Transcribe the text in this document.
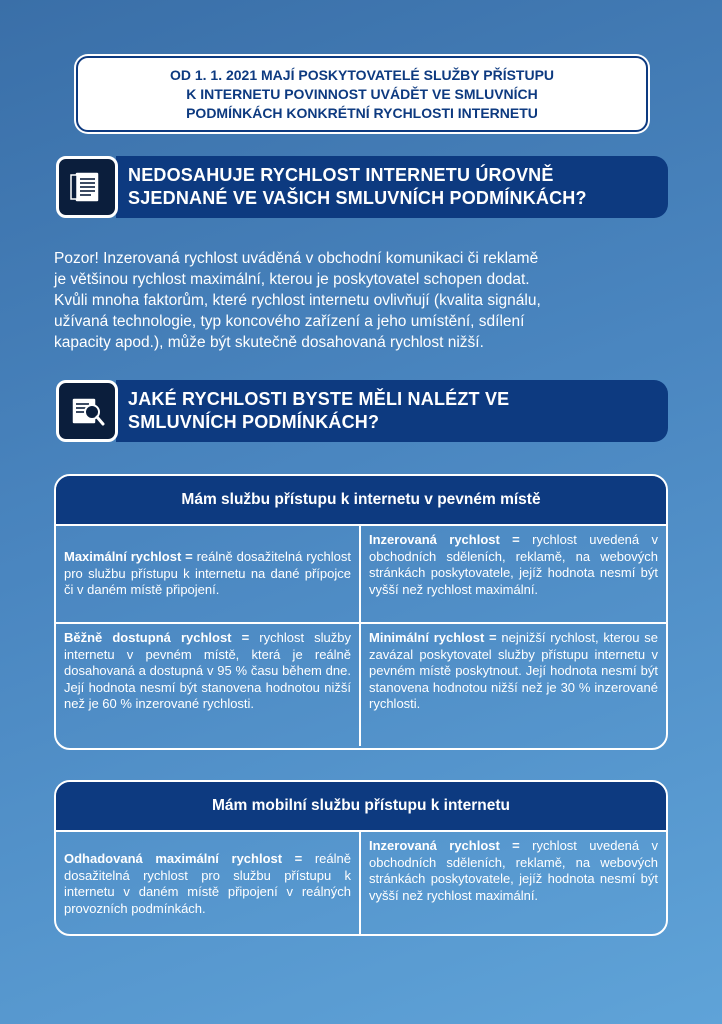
OD 1. 1. 2021 MAJÍ POSKYTOVATELÉ SLUŽBY PŘÍSTUPU
K INTERNETU POVINNOST UVÁDĚT VE SMLUVNÍCH
PODMÍNKÁCH KONKRÉTNÍ RYCHLOSTI INTERNETU
NEDOSAHUJE RYCHLOST INTERNETU ÚROVNĚ
SJEDNANÉ VE VAŠICH SMLUVNÍCH PODMÍNKÁCH?
Pozor! Inzerovaná rychlost uváděná v obchodní komunikaci či reklamě
je většinou rychlost maximální, kterou je poskytovatel schopen dodat.
Kvůli mnoha faktorům, které rychlost internetu ovlivňují (kvalita signálu,
užívaná technologie, typ koncového zařízení a jeho umístění, sdílení
kapacity apod.), může být skutečně dosahovaná rychlost nižší.
JAKÉ RYCHLOSTI BYSTE MĚLI NALÉZT VE
SMLUVNÍCH PODMÍNKÁCH?
Mám službu přístupu k internetu v pevném místě
Maximální rychlost = reálně dosažitelná rychlost pro službu přístupu k internetu na dané přípojce či v daném místě připojení.
Inzerovaná rychlost = rychlost uvedená v obchodních sděleních, reklamě, na webových stránkách poskytovatele, jejíž hodnota nesmí být vyšší než rychlost maximální.
Běžně dostupná rychlost = rychlost služby internetu v pevném místě, která je reálně dosahovaná a dostupná v 95 % času během dne. Její hodnota nesmí být stanovena hodnotou nižší než je 60 % inzerované rychlosti.
Minimální rychlost = nejnižší rychlost, kterou se zavázal poskytovatel služby přístupu internetu v pevném místě poskytnout. Její hodnota nesmí být stanovena hodnotou nižší než je 30 % inzerované rychlosti.
Mám mobilní službu přístupu k internetu
Odhadovaná maximální rychlost = reálně dosažitelná rychlost pro službu přístupu k internetu v daném místě připojení v reálných provozních podmínkách.
Inzerovaná rychlost = rychlost uvedená v obchodních sděleních, reklamě, na webových stránkách poskytovatele, jejíž hodnota nesmí být vyšší než rychlost maximální.
